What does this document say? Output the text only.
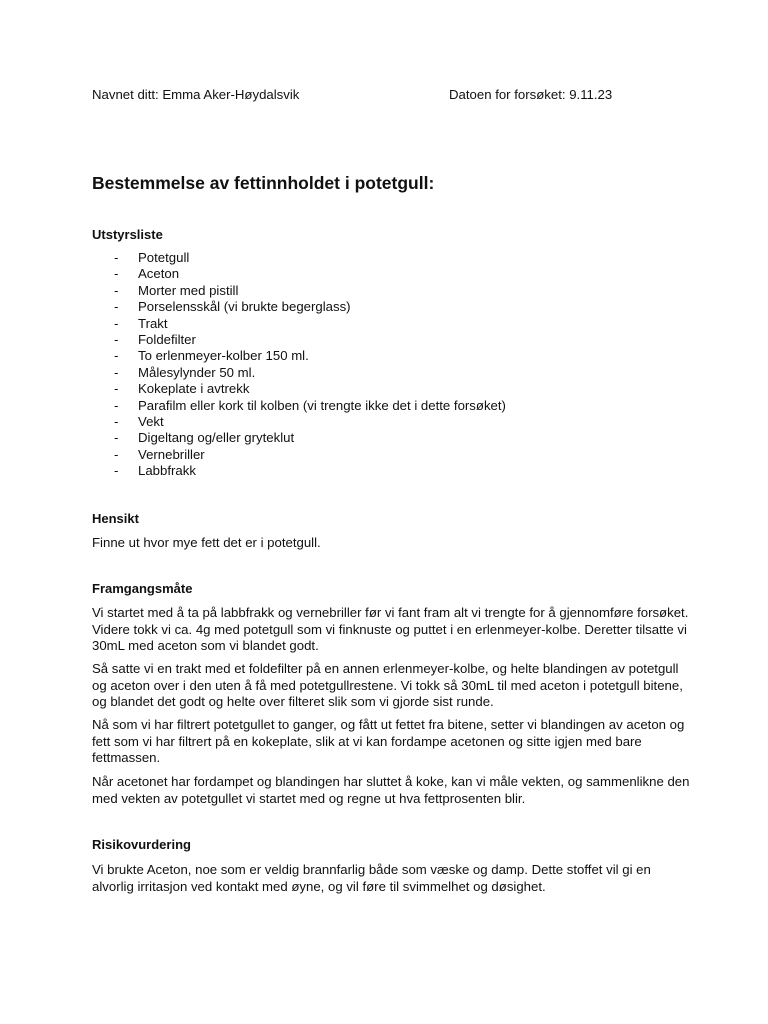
Navnet ditt: Emma Aker-Høydalsvik	Datoen for forsøket: 9.11.23
Bestemmelse av fettinnholdet i potetgull:
Utstyrsliste
- Potetgull
- Aceton
- Morter med pistill
- Porselensskål (vi brukte begerglass)
- Trakt
- Foldefilter
- To erlenmeyer-kolber 150 ml.
- Målesylynder 50 ml.
- Kokeplate i avtrekk
- Parafilm eller kork til kolben (vi trengte ikke det i dette forsøket)
- Vekt
- Digeltang og/eller gryteklut
- Vernebriller
- Labbfrakk
Hensikt

Finne ut hvor mye fett det er i potetgull.

Framgangsmåte

Vi startet med å ta på labbfrakk og vernebriller før vi fant fram alt vi trengte for å gjennomføre forsøket. Videre tokk vi ca. 4g med potetgull som vi finknuste og puttet i en erlenmeyer-kolbe. Deretter tilsatte vi 30mL med aceton som vi blandet godt.

Så satte vi en trakt med et foldefilter på en annen erlenmeyer-kolbe, og helte blandingen av potetgull og aceton over i den uten å få med potetgullrestene. Vi tokk så 30mL til med aceton i potetgull bitene, og blandet det godt og helte over filteret slik som vi gjorde sist runde.

Nå som vi har filtrert potetgullet to ganger, og fått ut fettet fra bitene, setter vi blandingen av aceton og fett som vi har filtrert på en kokeplate, slik at vi kan fordampe acetonen og sitte igjen med bare fettmassen.

Når acetonet har fordampet og blandingen har sluttet å koke, kan vi måle vekten, og sammenlikne den med vekten av potetgullet vi startet med og regne ut hva fettprosenten blir.

Risikovurdering

Vi brukte Aceton, noe som er veldig brannfarlig både som væske og damp. Dette stoffet vil gi en alvorlig irritasjon ved kontakt med øyne, og vil føre til svimmelhet og døsighet.
